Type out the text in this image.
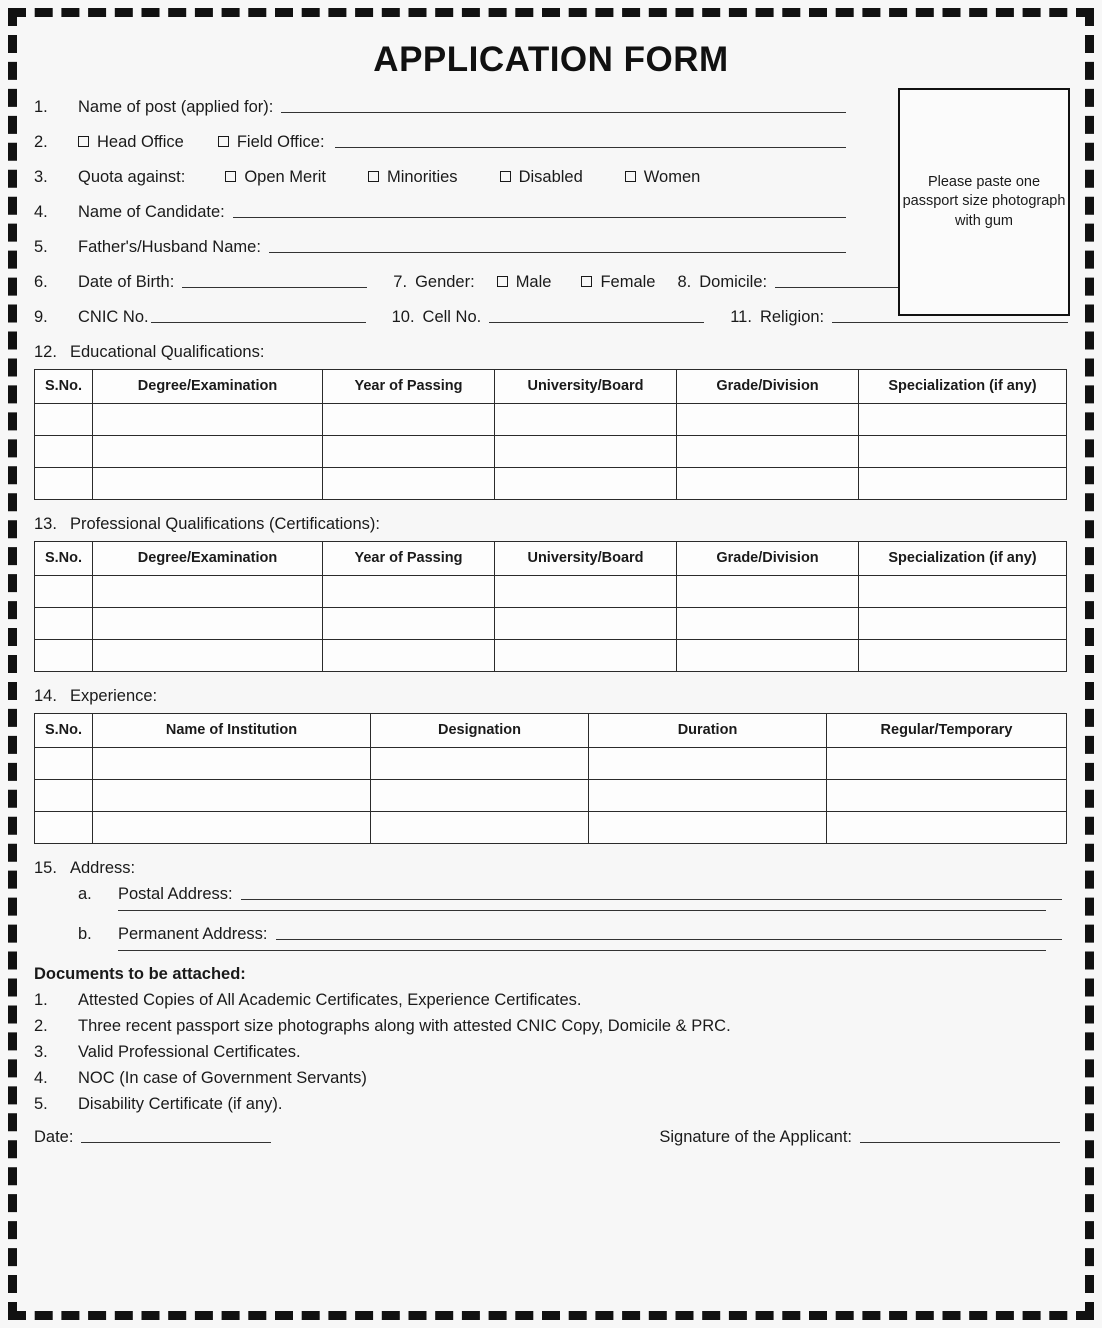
Please paste one passport size photograph with gum
APPLICATION FORM
1.	Name of post (applied for):
2.	Head Office	Field Office:
3.	Quota against:	Open Merit	Minorities	Disabled	Women
4.	Name of Candidate:
5.	Father's/Husband Name:
6.	Date of Birth:	7. Gender: Male	Female 8. Domicile:
9.	CNIC No.	10. Cell No.	11. Religion:
12. Educational Qualifications:
S.No.	Degree/Examination	Year of Passing	University/Board	Grade/Division	Specialization (if any)

13. Professional Qualifications (Certifications):
S.No.	Degree/Examination	Year of Passing	University/Board	Grade/Division	Specialization (if any)

14. Experience:
S.No.	Name of Institution	Designation	Duration	Regular/Temporary

15. Address:
a.	Postal Address:
b.	Permanent Address:
Documents to be attached:
1.	Attested Copies of All Academic Certificates, Experience Certificates.
2.	Three recent passport size photographs along with attested CNIC Copy, Domicile & PRC.
3.	Valid Professional Certificates.
4.	NOC (In case of Government Servants)
5.	Disability Certificate (if any).
Date:	Signature of the Applicant:
